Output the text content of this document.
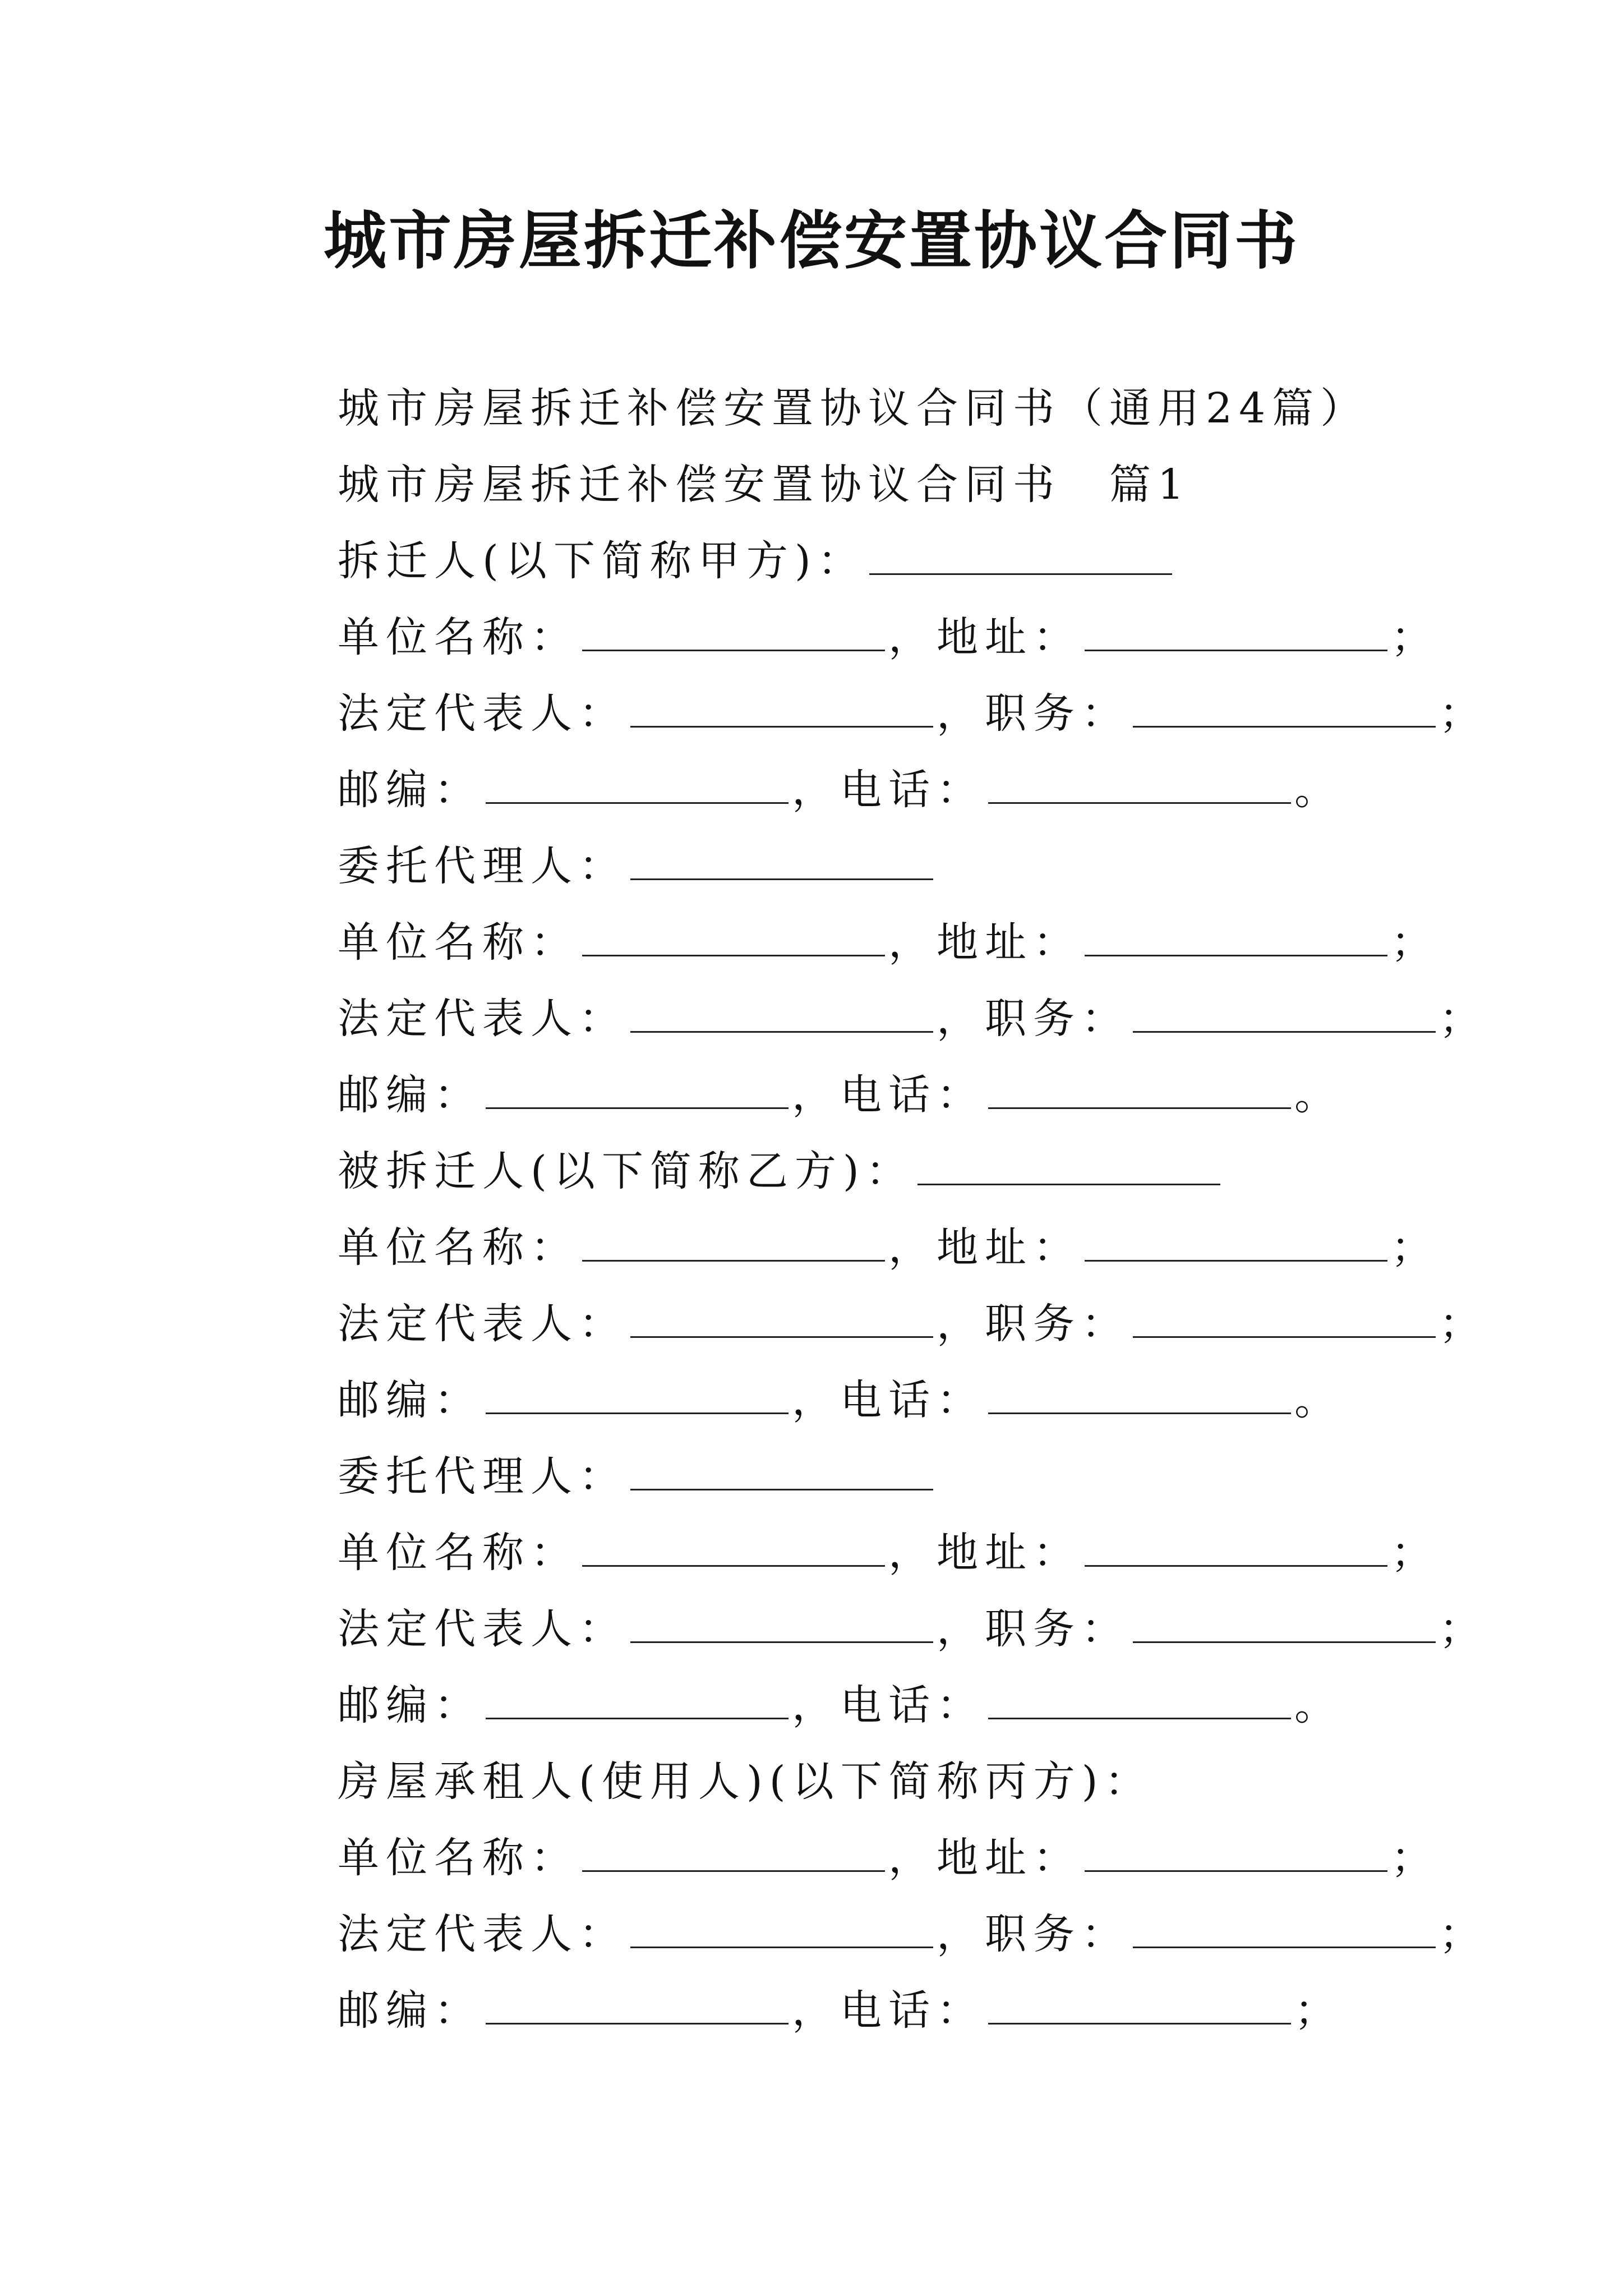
城市房屋拆迁补偿安置协议合同书
城市房屋拆迁补偿安置协议合同书（通用24篇）
城市房屋拆迁补偿安置协议合同书　篇1
拆迁人(以下简称甲方)：
单位名称：	，地址：	；
法定代表人：	，职务：	；
邮编：	，电话：	。
委托代理人：
单位名称：	，地址：	；
法定代表人：	，职务：	；
邮编：	，电话：	。
被拆迁人(以下简称乙方)：
单位名称：	，地址：	；
法定代表人：	，职务：	；
邮编：	，电话：	。
委托代理人：
单位名称：	，地址：	；
法定代表人：	，职务：	；
邮编：	，电话：	。
房屋承租人(使用人)(以下简称丙方)：
单位名称：	，地址：	；
法定代表人：	，职务：	；
邮编：	，电话：	；
